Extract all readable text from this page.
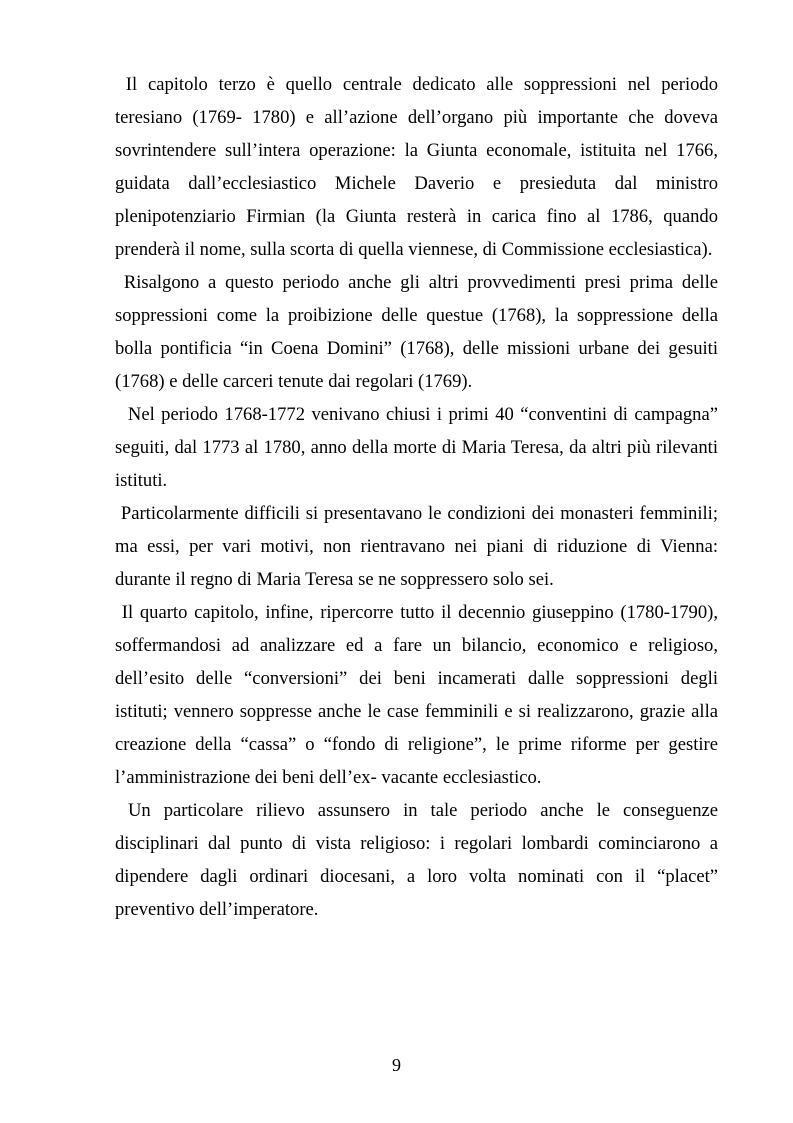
Il capitolo terzo è quello centrale dedicato alle soppressioni nel periodo
teresiano (1769- 1780) e all’azione dell’organo più importante che doveva
sovrintendere sull’intera operazione: la Giunta economale, istituita nel 1766,
guidata dall’ecclesiastico Michele Daverio e presieduta dal ministro
plenipotenziario Firmian (la Giunta resterà in carica fino al 1786, quando
prenderà il nome, sulla scorta di quella viennese, di Commissione ecclesiastica).
Risalgono a questo periodo anche gli altri provvedimenti presi prima delle
soppressioni come la proibizione delle questue (1768), la soppressione della
bolla pontificia “in Coena Domini” (1768), delle missioni urbane dei gesuiti
(1768) e delle carceri tenute dai regolari (1769).
Nel periodo 1768-1772 venivano chiusi i primi 40 “conventini di campagna”
seguiti, dal 1773 al 1780, anno della morte di Maria Teresa, da altri più rilevanti
istituti.
Particolarmente difficili si presentavano le condizioni dei monasteri femminili;
ma essi, per vari motivi, non rientravano nei piani di riduzione di Vienna:
durante il regno di Maria Teresa se ne soppressero solo sei.
Il quarto capitolo, infine, ripercorre tutto il decennio giuseppino (1780-1790),
soffermandosi ad analizzare ed a fare un bilancio, economico e religioso,
dell’esito delle “conversioni” dei beni incamerati dalle soppressioni degli
istituti; vennero soppresse anche le case femminili e si realizzarono, grazie alla
creazione della “cassa” o “fondo di religione”, le prime riforme per gestire
l’amministrazione dei beni dell’ex- vacante ecclesiastico.
Un particolare rilievo assunsero in tale periodo anche le conseguenze
disciplinari dal punto di vista religioso: i regolari lombardi cominciarono a
dipendere dagli ordinari diocesani, a loro volta nominati con il “placet”
preventivo dell’imperatore.
9
